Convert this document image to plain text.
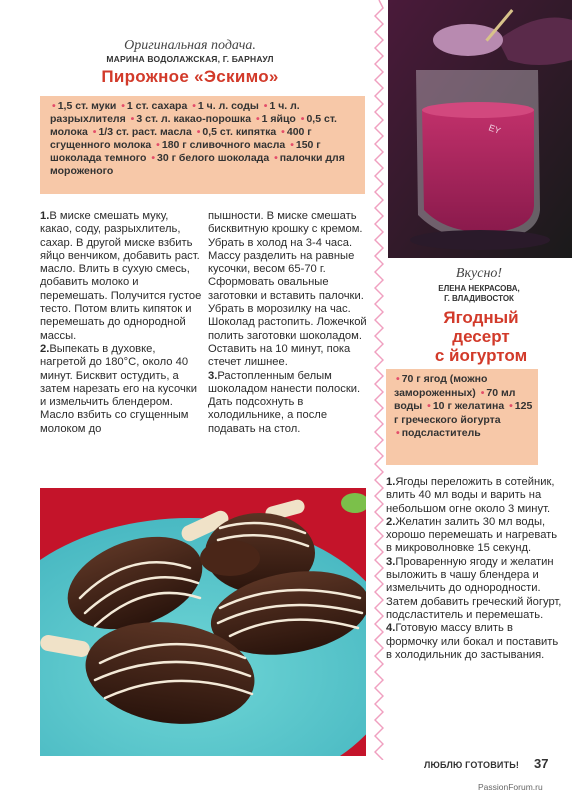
Оригинальная подача.
МАРИНА ВОДОЛАЖСКАЯ, Г. БАРНАУЛ
Пирожное «Эскимо»
• 1,5 ст. муки • 1 ст. сахара • 1 ч. л. соды • 1 ч. л. разрыхлителя • 3 ст. л. какао-порошка • 1 яйцо • 0,5 ст. молока • 1/3 ст. раст. масла • 0,5 ст. кипятка • 400 г сгущенного молока • 180 г сливочного масла • 150 г шоколада темного • 30 г белого шоколада • палочки для мороженого
1.В миске смешать муку, какао, соду, разрыхлитель, сахар. В другой миске взбить яйцо венчиком, добавить раст. масло. Влить в сухую смесь, добавить молоко и перемешать. Получится густое тесто. Потом влить кипяток и перемешать до однородной массы.
2.Выпекать в духовке, нагретой до 180°С, около 40 минут. Бисквит остудить, а затем нарезать его на кусочки и измельчить блендером. Масло взбить со сгущенным молоком до
пышности. В миске смешать бисквитную крошку с кремом. Убрать в холод на 3-4 часа. Массу разделить на равные кусочки, весом 65-70 г. Сформовать овальные заготовки и вставить палочки. Убрать в морозилку на час. Шоколад растопить. Ложечкой полить заготовки шоколадом. Оставить на 10 минут, пока стечет лишнее.
3.Растопленным белым шоколадом нанести полоски. Дать подсохнуть в холодильнике, а после подавать на стол.
EY
Вкусно!
ЕЛЕНА НЕКРАСОВА,
Г. ВЛАДИВОСТОК
Ягодный
десерт
с йогуртом
• 70 г ягод (можно замороженных) • 70 мл воды • 10 г желатина • 125 г греческого йогурта • подсластитель
1.Ягоды переложить в сотейник, влить 40 мл воды и варить на небольшом огне около 3 минут.
2.Желатин залить 30 мл воды, хорошо перемешать и нагревать в микроволновке 15 секунд.
3.Проваренную ягоду и желатин выложить в чашу блендера и измельчить до однородности. Затем добавить греческий йогурт, подсластитель и перемешать.
4.Готовую массу влить в формочку или бокал и поставить в холодильник до застывания.
ЛЮБЛЮ ГОТОВИТЬ! 37
PassionForum.ru
